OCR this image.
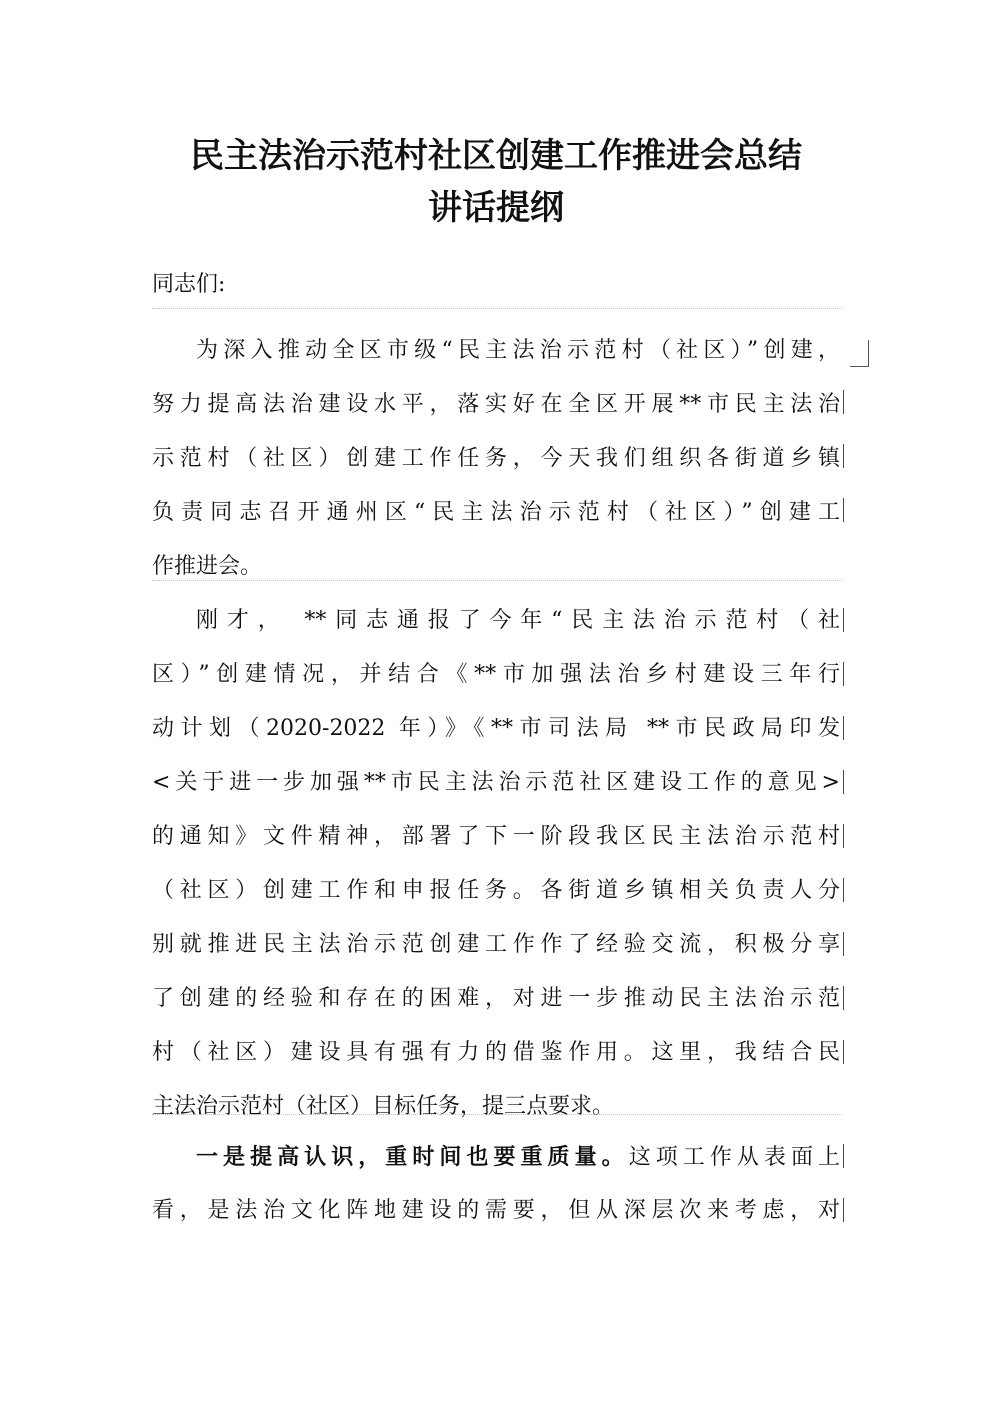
民主法治示范村社区创建工作推进会总结
讲话提纲
同志们:
为深入推动全区市级“民主法治示范村（社区）”创建，
努力提高法治建设水平，落实好在全区开展**市民主法治
示范村（社区）创建工作任务，今天我们组织各街道乡镇
负责同志召开通州区“民主法治示范村（社区）”创建工
作推进会。
刚才， **同志通报了今年“民主法治示范村（社
区）”创建情况，并结合《**市加强法治乡村建设三年行
动计划（2020-2022 年）》《**市司法局 **市民政局印发
<关于进一步加强**市民主法治示范社区建设工作的意见>
的通知》文件精神，部署了下一阶段我区民主法治示范村
（社区）创建工作和申报任务。各街道乡镇相关负责人分
别就推进民主法治示范创建工作作了经验交流，积极分享
了创建的经验和存在的困难，对进一步推动民主法治示范
村（社区）建设具有强有力的借鉴作用。这里，我结合民
主法治示范村（社区）目标任务，提三点要求。
一是提高认识，重时间也要重质量。这项工作从表面上
看，是法治文化阵地建设的需要，但从深层次来考虑，对
